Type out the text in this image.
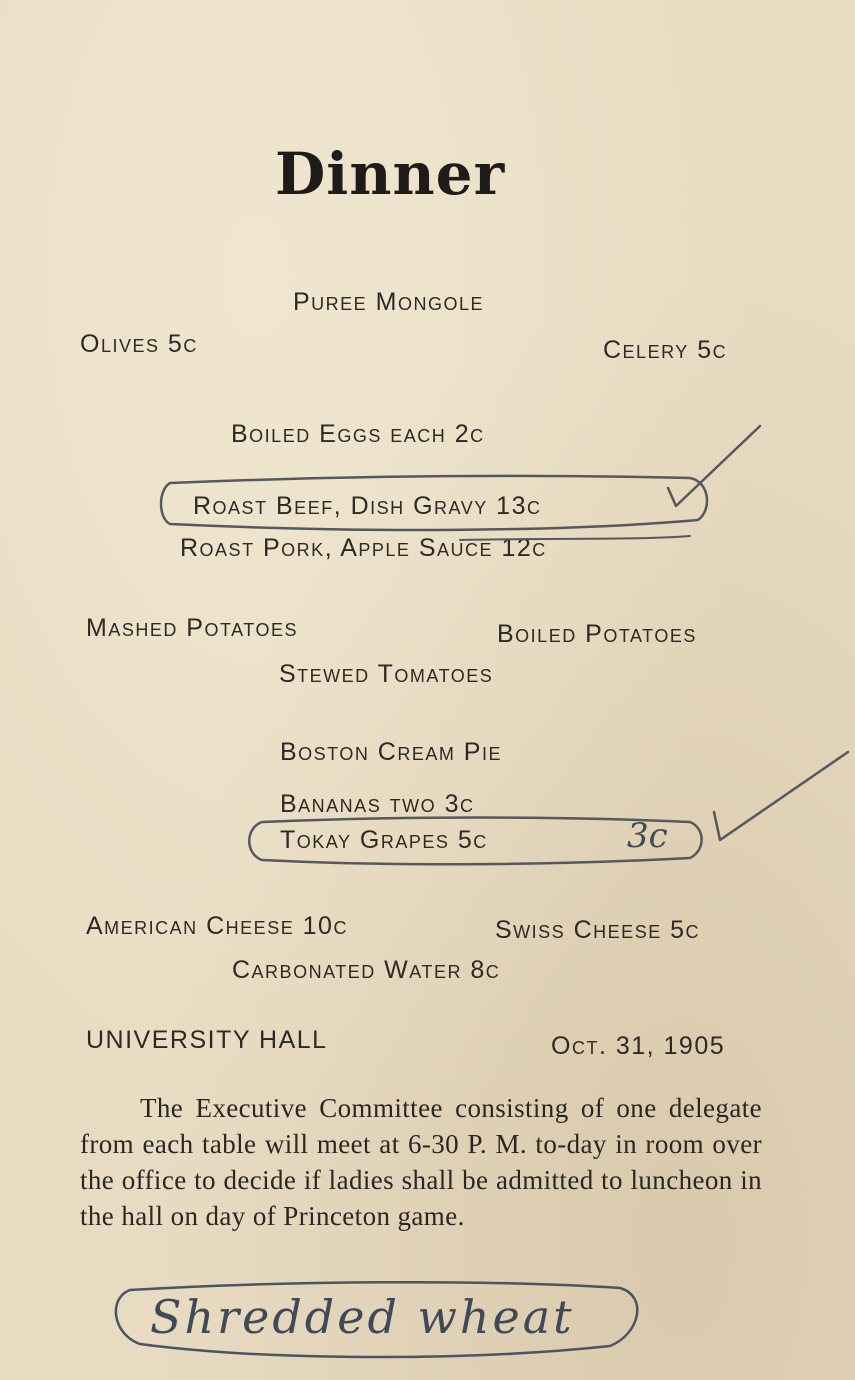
Dinner
Puree Mongole
Olives 5c	Celery 5c
Boiled Eggs each 2c
Roast Beef, Dish Gravy 13c
Roast Pork, Apple Sauce 12c
Mashed Potatoes	Boiled Potatoes
Stewed Tomatoes
Boston Cream Pie
Bananas two 3c
Tokay Grapes 5c	3c
American Cheese 10c	Swiss Cheese 5c
Carbonated Water 8c
UNIVERSITY HALL	Oct. 31, 1905
The Executive Committee consisting of one delegate from each table will meet at 6-30 P. M. to-day in room over the office to decide if ladies shall be admitted to luncheon in the hall on day of Princeton game.
Shredded wheat
